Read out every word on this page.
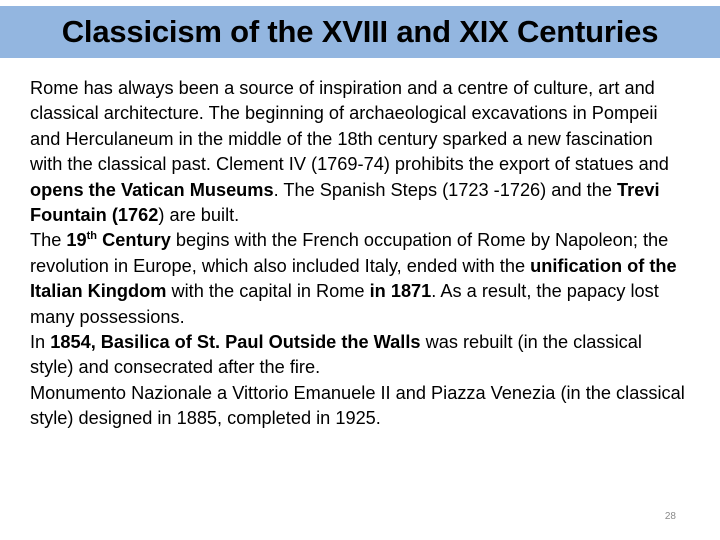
Classicism of the XVIII and XIX Centuries

Rome has always been a source of inspiration and a centre of culture, art and classical architecture. The beginning of archaeological excavations in Pompeii and Herculaneum in the middle of the 18th century sparked a new fascination with the classical past. Clement IV (1769-74) prohibits the export of statues and opens the Vatican Museums. The Spanish Steps (1723 -1726) and the Trevi Fountain (1762) are built.

The 19th Century begins with the French occupation of Rome by Napoleon; the revolution in Europe, which also included Italy, ended with the unification of the Italian Kingdom with the capital in Rome in 1871. As a result, the papacy lost many possessions.

In 1854, Basilica of St. Paul Outside the Walls was rebuilt (in the classical style) and consecrated after the fire.

Monumento Nazionale a Vittorio Emanuele II and Piazza Venezia (in the classical style) designed in 1885, completed in 1925.

28
